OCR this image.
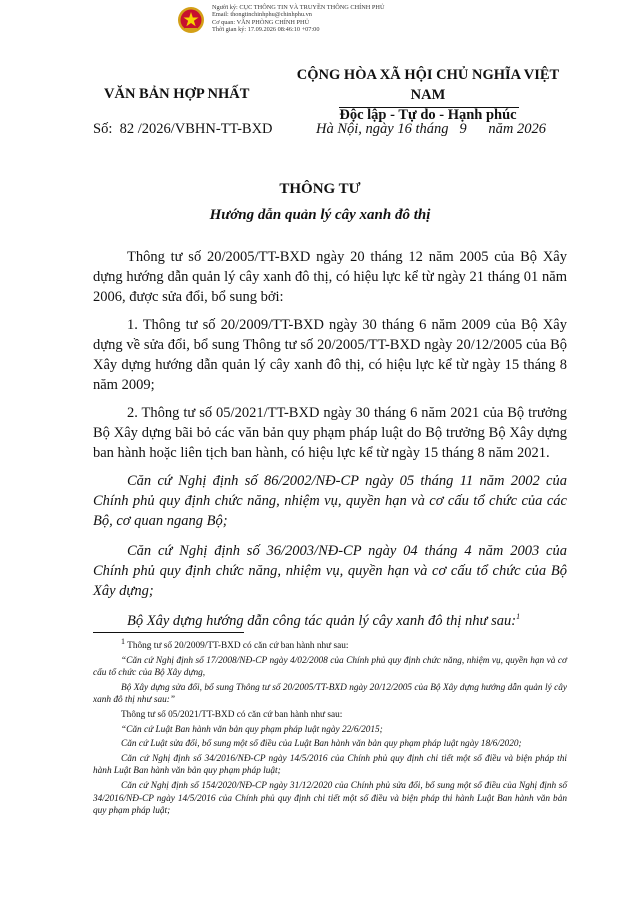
Người ký: CỤC THÔNG TIN VÀ TRUYỀN THÔNG CHÍNH PHỦ
Email: thongtinchinhphu@chinhphu.vn
Cơ quan: VĂN PHÒNG CHÍNH PHỦ
Thời gian ký: 17.09.2026 08:46:10 +07:00
VĂN BẢN HỢP NHẤT
CỘNG HÒA XÃ HỘI CHỦ NGHĨA VIỆT NAM
Độc lập - Tự do - Hạnh phúc
Số: 82 /2026/VBHN-TT-BXD	Hà Nội, ngày 16 tháng 9 năm 2026
THÔNG TƯ
Hướng dẫn quản lý cây xanh đô thị

Thông tư số 20/2005/TT-BXD ngày 20 tháng 12 năm 2005 của Bộ Xây dựng hướng dẫn quản lý cây xanh đô thị, có hiệu lực kể từ ngày 21 tháng 01 năm 2006, được sửa đổi, bổ sung bởi:

1. Thông tư số 20/2009/TT-BXD ngày 30 tháng 6 năm 2009 của Bộ Xây dựng về sửa đổi, bổ sung Thông tư số 20/2005/TT-BXD ngày 20/12/2005 của Bộ Xây dựng hướng dẫn quản lý cây xanh đô thị, có hiệu lực kể từ ngày 15 tháng 8 năm 2009;

2. Thông tư số 05/2021/TT-BXD ngày 30 tháng 6 năm 2021 của Bộ trưởng Bộ Xây dựng bãi bỏ các văn bản quy phạm pháp luật do Bộ trưởng Bộ Xây dựng ban hành hoặc liên tịch ban hành, có hiệu lực kể từ ngày 15 tháng 8 năm 2021.

Căn cứ Nghị định số 86/2002/NĐ-CP ngày 05 tháng 11 năm 2002 của Chính phủ quy định chức năng, nhiệm vụ, quyền hạn và cơ cấu tổ chức của các Bộ, cơ quan ngang Bộ;

Căn cứ Nghị định số 36/2003/NĐ-CP ngày 04 tháng 4 năm 2003 của Chính phủ quy định chức năng, nhiệm vụ, quyền hạn và cơ cấu tổ chức của Bộ Xây dựng;

Bộ Xây dựng hướng dẫn công tác quản lý cây xanh đô thị như sau:$^1$

$^1$ Thông tư số 20/2009/TT-BXD có căn cứ ban hành như sau:

“Căn cứ Nghị định số 17/2008/NĐ-CP ngày 4/02/2008 của Chính phủ quy định chức năng, nhiệm vụ, quyền hạn và cơ cấu tổ chức của Bộ Xây dựng,

Bộ Xây dựng sửa đổi, bổ sung Thông tư số 20/2005/TT-BXD ngày 20/12/2005 của Bộ Xây dựng hướng dẫn quản lý cây xanh đô thị như sau:”

Thông tư số 05/2021/TT-BXD có căn cứ ban hành như sau:

“Căn cứ Luật Ban hành văn bản quy phạm pháp luật ngày 22/6/2015;

Căn cứ Luật sửa đổi, bổ sung một số điều của Luật Ban hành văn bản quy phạm pháp luật ngày 18/6/2020;

Căn cứ Nghị định số 34/2016/NĐ-CP ngày 14/5/2016 của Chính phủ quy định chi tiết một số điều và biện pháp thi hành Luật Ban hành văn bản quy phạm pháp luật;

Căn cứ Nghị định số 154/2020/NĐ-CP ngày 31/12/2020 của Chính phủ sửa đổi, bổ sung một số điều của Nghị định số 34/2016/NĐ-CP ngày 14/5/2016 của Chính phủ quy định chi tiết một số điều và biện pháp thi hành Luật Ban hành văn bản quy phạm pháp luật;
